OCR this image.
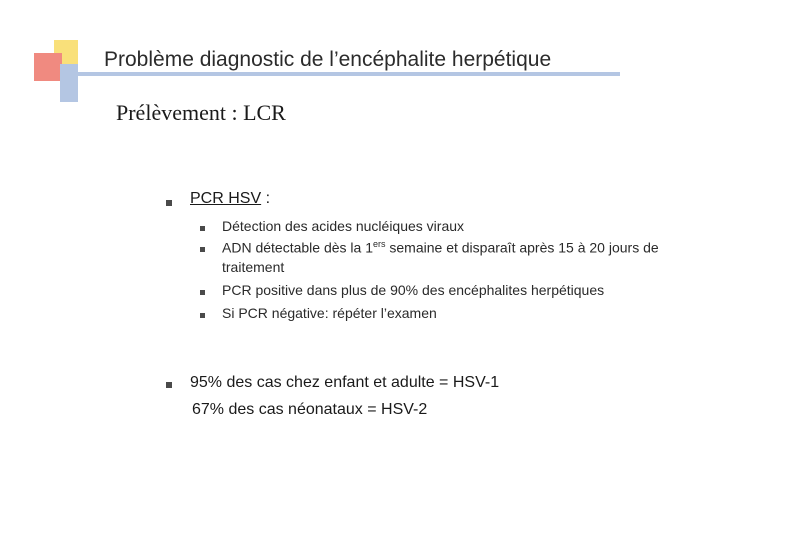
Problème diagnostic de l’encéphalite herpétique
Prélèvement : LCR
PCR HSV :
Détection des acides nucléiques viraux
ADN détectable dès la 1ers semaine et disparaît après 15 à 20 jours de
traitement
PCR positive dans plus de 90% des encéphalites herpétiques
Si PCR négative: répéter l’examen
95% des cas chez enfant et adulte = HSV-1
67% des cas néonataux = HSV-2
